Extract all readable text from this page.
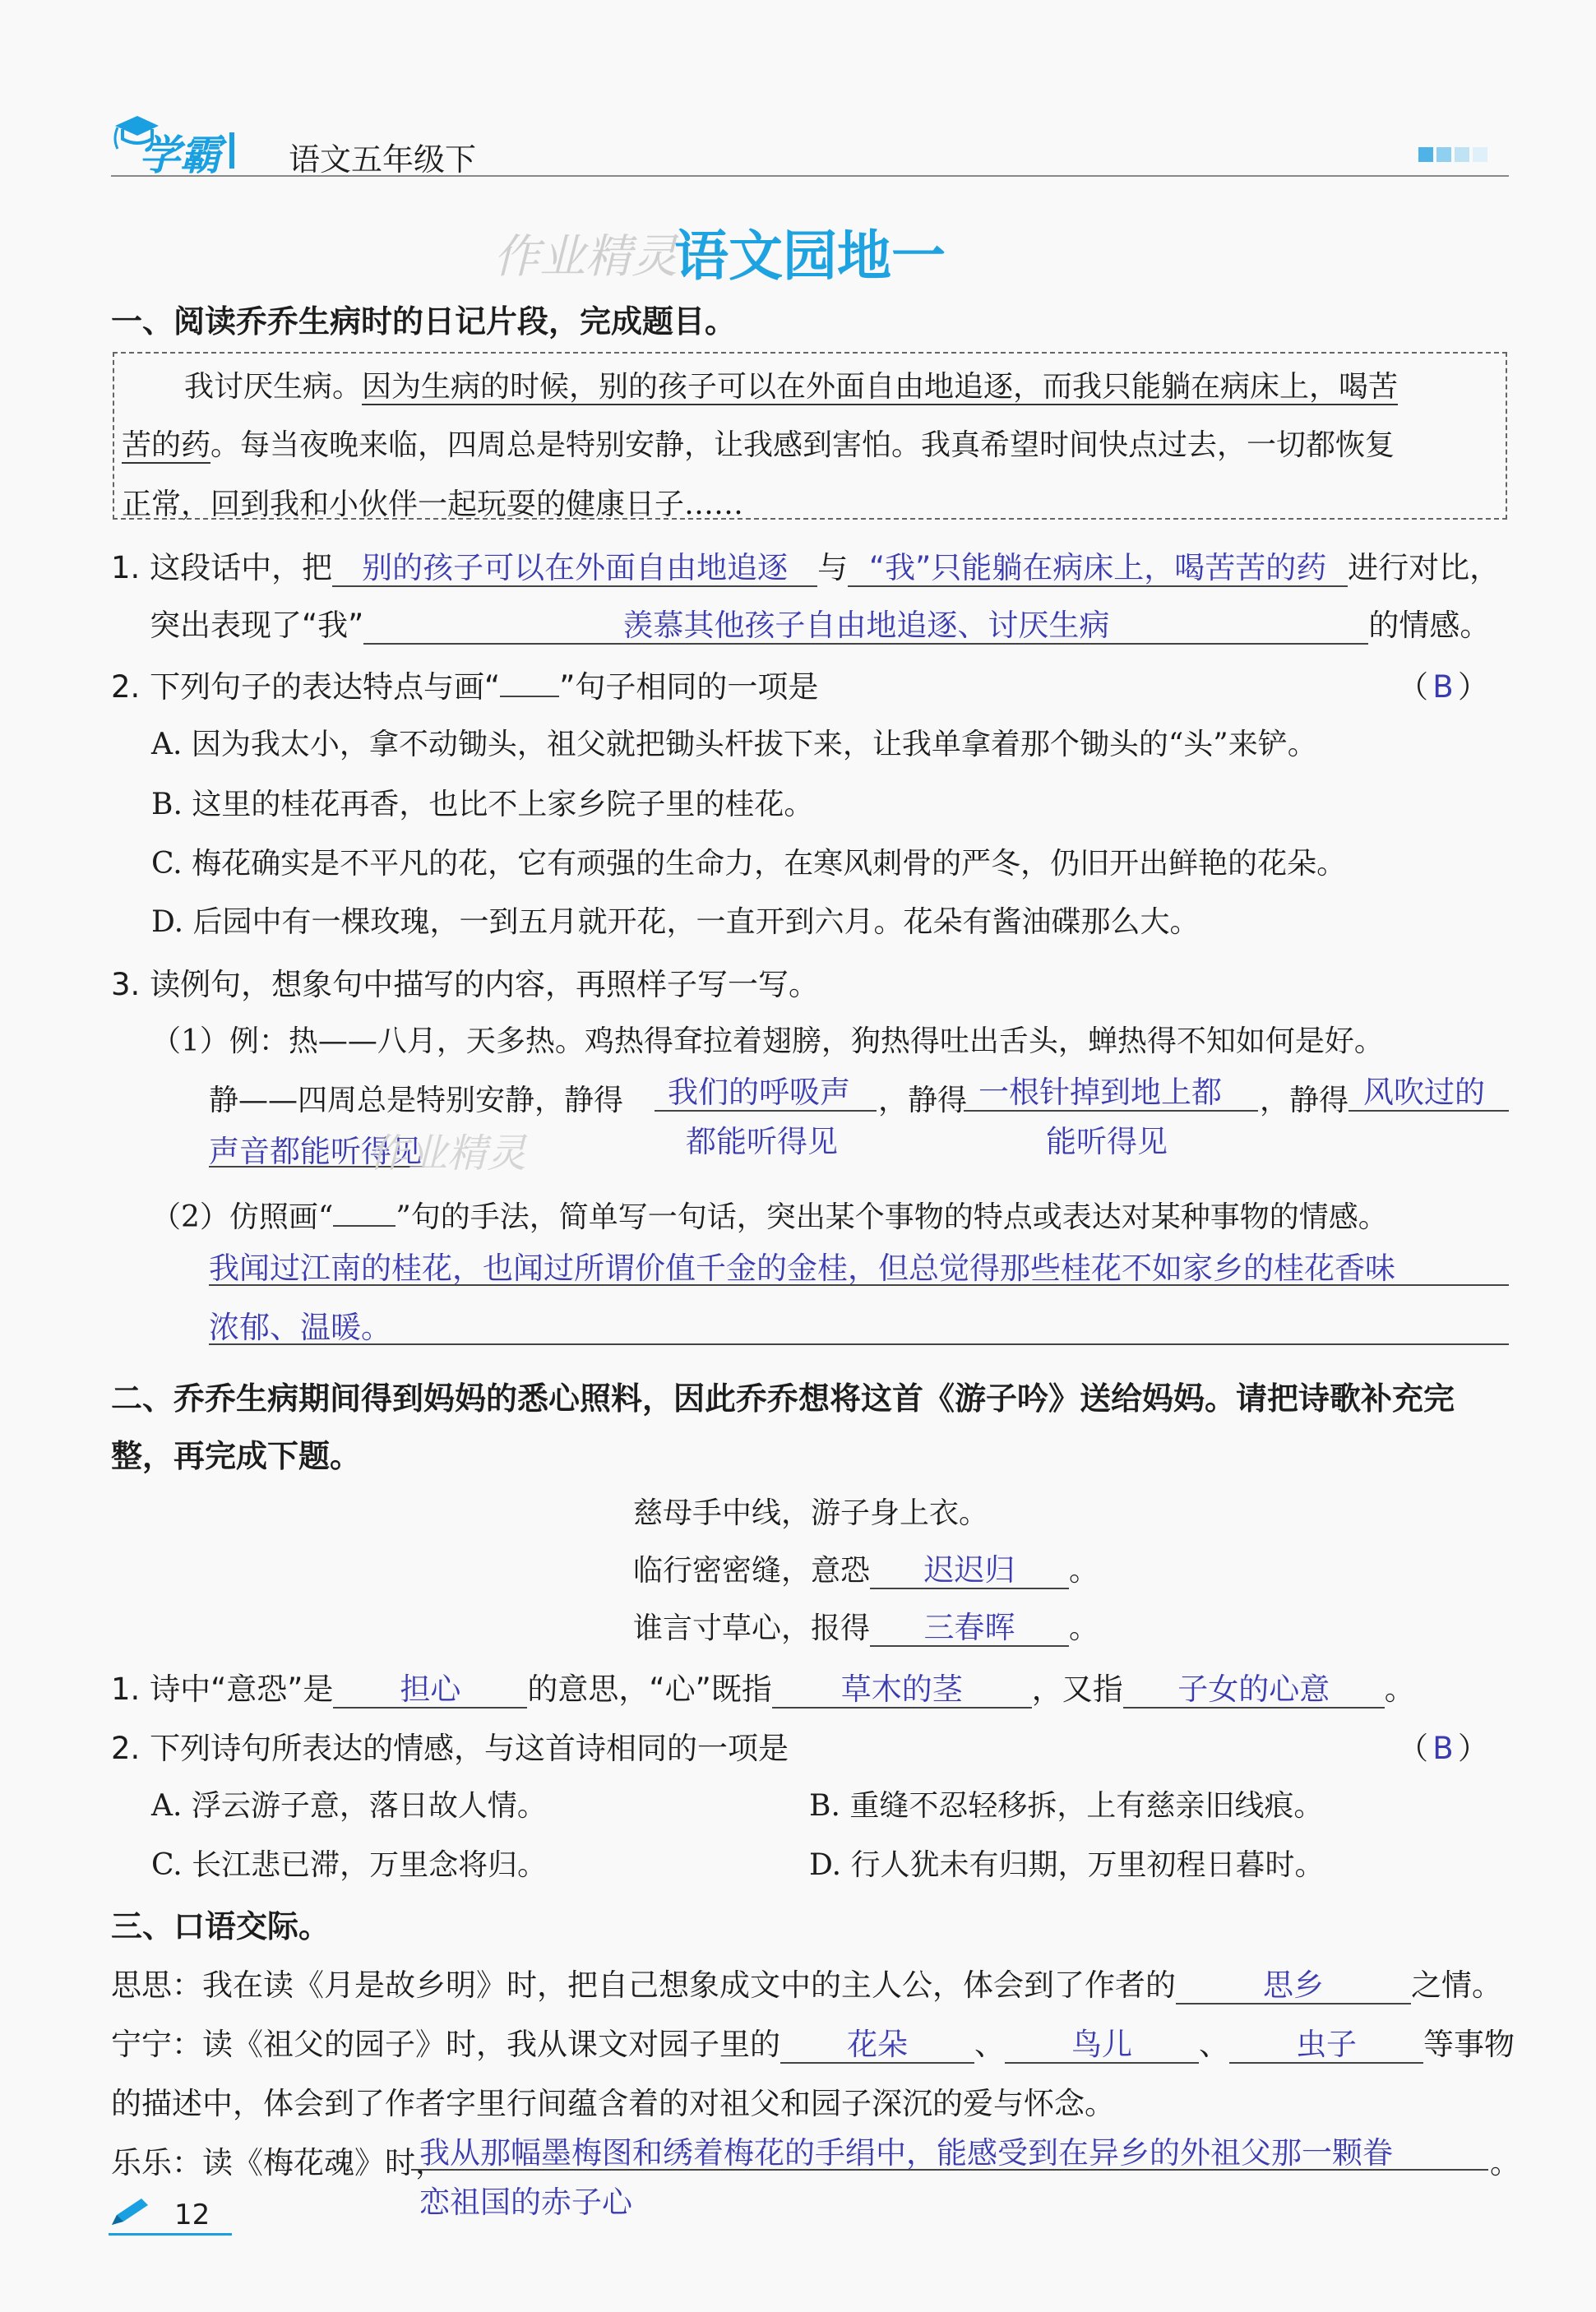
学霸 语文五年级下
作业精灵
语文园地一
一、阅读乔乔生病时的日记片段，完成题目。
我讨厌生病。因为生病的时候，别的孩子可以在外面自由地追逐，而我只能躺在病床上，喝苦
苦的药。每当夜晚来临，四周总是特别安静，让我感到害怕。我真希望时间快点过去，一切都恢复
正常，回到我和小伙伴一起玩耍的健康日子……
1. 这段话中，把 别的孩子可以在外面自由地追逐 与 “我”只能躺在病床上，喝苦苦的药 进行对比，
突出表现了“我”	羡慕其他孩子自由地追逐、讨厌生病	的情感。
2. 下列句子的表达特点与画“ ”句子相同的一项是	（ B ）
A. 因为我太小，拿不动锄头，祖父就把锄头杆拔下来，让我单拿着那个锄头的“头”来铲。
B. 这里的桂花再香，也比不上家乡院子里的桂花。
C. 梅花确实是不平凡的花，它有顽强的生命力，在寒风刺骨的严冬，仍旧开出鲜艳的花朵。
D. 后园中有一棵玫瑰，一到五月就开花，一直开到六月。花朵有酱油碟那么大。
3. 读例句，想象句中描写的内容，再照样子写一写。
（1）例：热——八月，天多热。鸡热得耷拉着翅膀，狗热得吐出舌头，蝉热得不知如何是好。
静——四周总是特别安静，静得 我们的呼吸声 ，静得 一根针掉到地上都 ，静得 风吹过的
声音都能听得见
作业精灵	都能听得见	能听得见
（2）仿照画“ ”句的手法，简单写一句话，突出某个事物的特点或表达对某种事物的情感。
我闻过江南的桂花，也闻过所谓价值千金的金桂，但总觉得那些桂花不如家乡的桂花香味
浓郁、温暖。
二、乔乔生病期间得到妈妈的悉心照料，因此乔乔想将这首《游子吟》送给妈妈。请把诗歌补充完
整，再完成下题。
慈母手中线，游子身上衣。
临行密密缝，意恐 迟迟归 。
谁言寸草心，报得 三春晖 。
1. 诗中“意恐”是 担心 的意思，“心”既指 草木的茎 ，又指 子女的心意 。
2. 下列诗句所表达的情感，与这首诗相同的一项是	（ B ）
A. 浮云游子意，落日故人情。	B. 重缝不忍轻移拆，上有慈亲旧线痕。
C. 长江悲已滞，万里念将归。	D. 行人犹未有归期，万里初程日暮时。
三、口语交际。
思思：我在读《月是故乡明》时，把自己想象成文中的主人公，体会到了作者的	思乡	之情。
宁宁：读《祖父的园子》时，我从课文对园子里的 花朵 、 鸟儿 、 虫子 等事物
的描述中，体会到了作者字里行间蕴含着的对祖父和园子深沉的爱与怀念。
乐乐：读《梅花魂》时，
我从那幅墨梅图和绣着梅花的手绢中，能感受到在异乡的外祖父那一颗眷	。
恋祖国的赤子心
12
